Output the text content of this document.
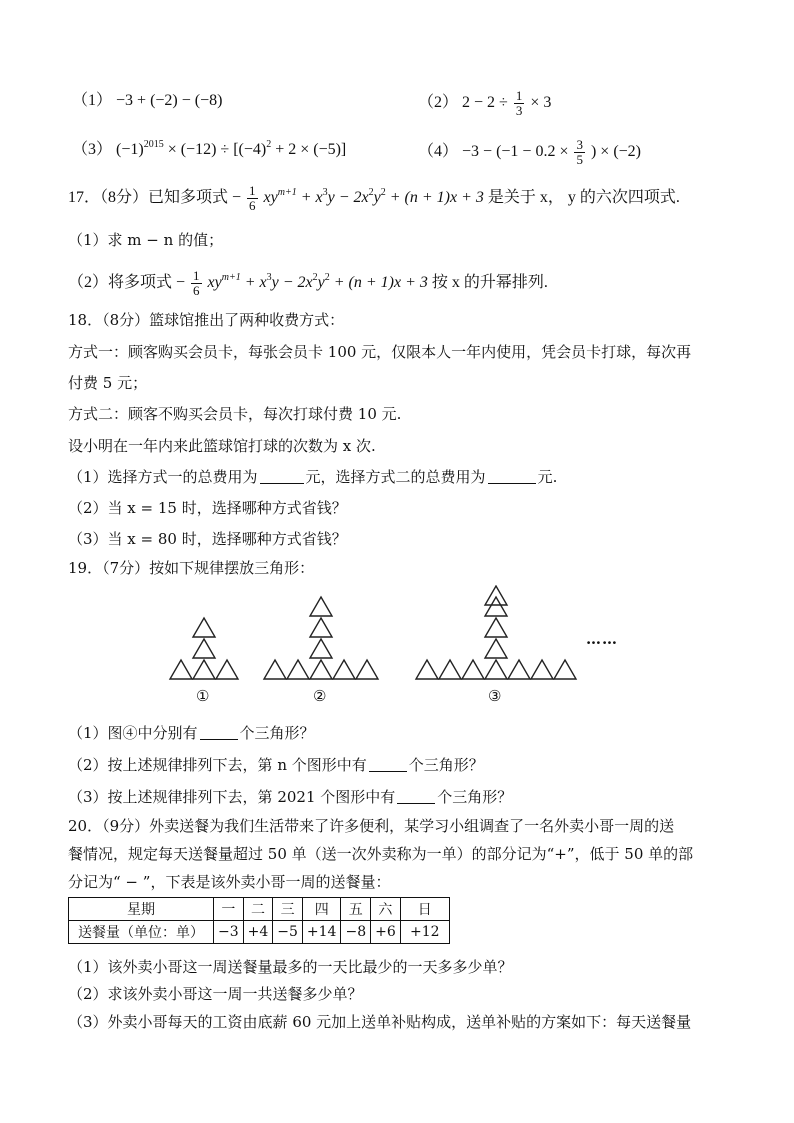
（1） −3 + (−2) − (−8)	（2） $2 - 2 \div \frac{1}{3} \times 3$
（3） $(-1)^{2015} \times (-12) \div [(-4)^2 + 2 \times (-5)]$	$(4) -3 - (-1 - 0.2 \times \frac{3}{5}$ ) × (−2)
17．（8分）已知多项式 − $\frac{1}{6} xy^{m+1} + x^3y - 2x^2y^2 + (n + 1)x + 3$ 是关于 x， y 的六次四项式.
（1）求 m − n 的值；
（2）将多项式 − $\frac{1}{6} xy^{m+1} + x^3y - 2x^2y^2 + (n + 1)x + 3$ 按 x 的升幂排列.
18．（8分）篮球馆推出了两种收费方式：
方式一：顾客购买会员卡，每张会员卡 100 元，仅限本人一年内使用，凭会员卡打球，每次再
付费 5 元；
方式二：顾客不购买会员卡，每次打球付费 10 元.
设小明在一年内来此篮球馆打球的次数为 x 次.
（1）选择方式一的总费用为	元，选择方式二的总费用为	元.
（2）当 x = 15 时，选择哪种方式省钱？
（3）当 x = 80 时，选择哪种方式省钱？
19．（7分）按如下规律摆放三角形：
①	②	③
……
（1）图④中分别有	个三角形？
（2）按上述规律排列下去，第 n 个图形中有	个三角形？
（3）按上述规律排列下去，第 2021 个图形中有	个三角形？
20．（9分）外卖送餐为我们生活带来了许多便利，某学习小组调查了一名外卖小哥一周的送
餐情况，规定每天送餐量超过 50 单（送一次外卖称为一单）的部分记为“+”，低于 50 单的部
分记为“ − ”，下表是该外卖小哥一周的送餐量：
星期	一	二	三	四	五	六	日
送餐量（单位：单）	−3	+4	−5	+14	−8	+6	+12
（1）该外卖小哥这一周送餐量最多的一天比最少的一天多多少单？
（2）求该外卖小哥这一周一共送餐多少单？
（3）外卖小哥每天的工资由底薪 60 元加上送单补贴构成，送单补贴的方案如下：每天送餐量
